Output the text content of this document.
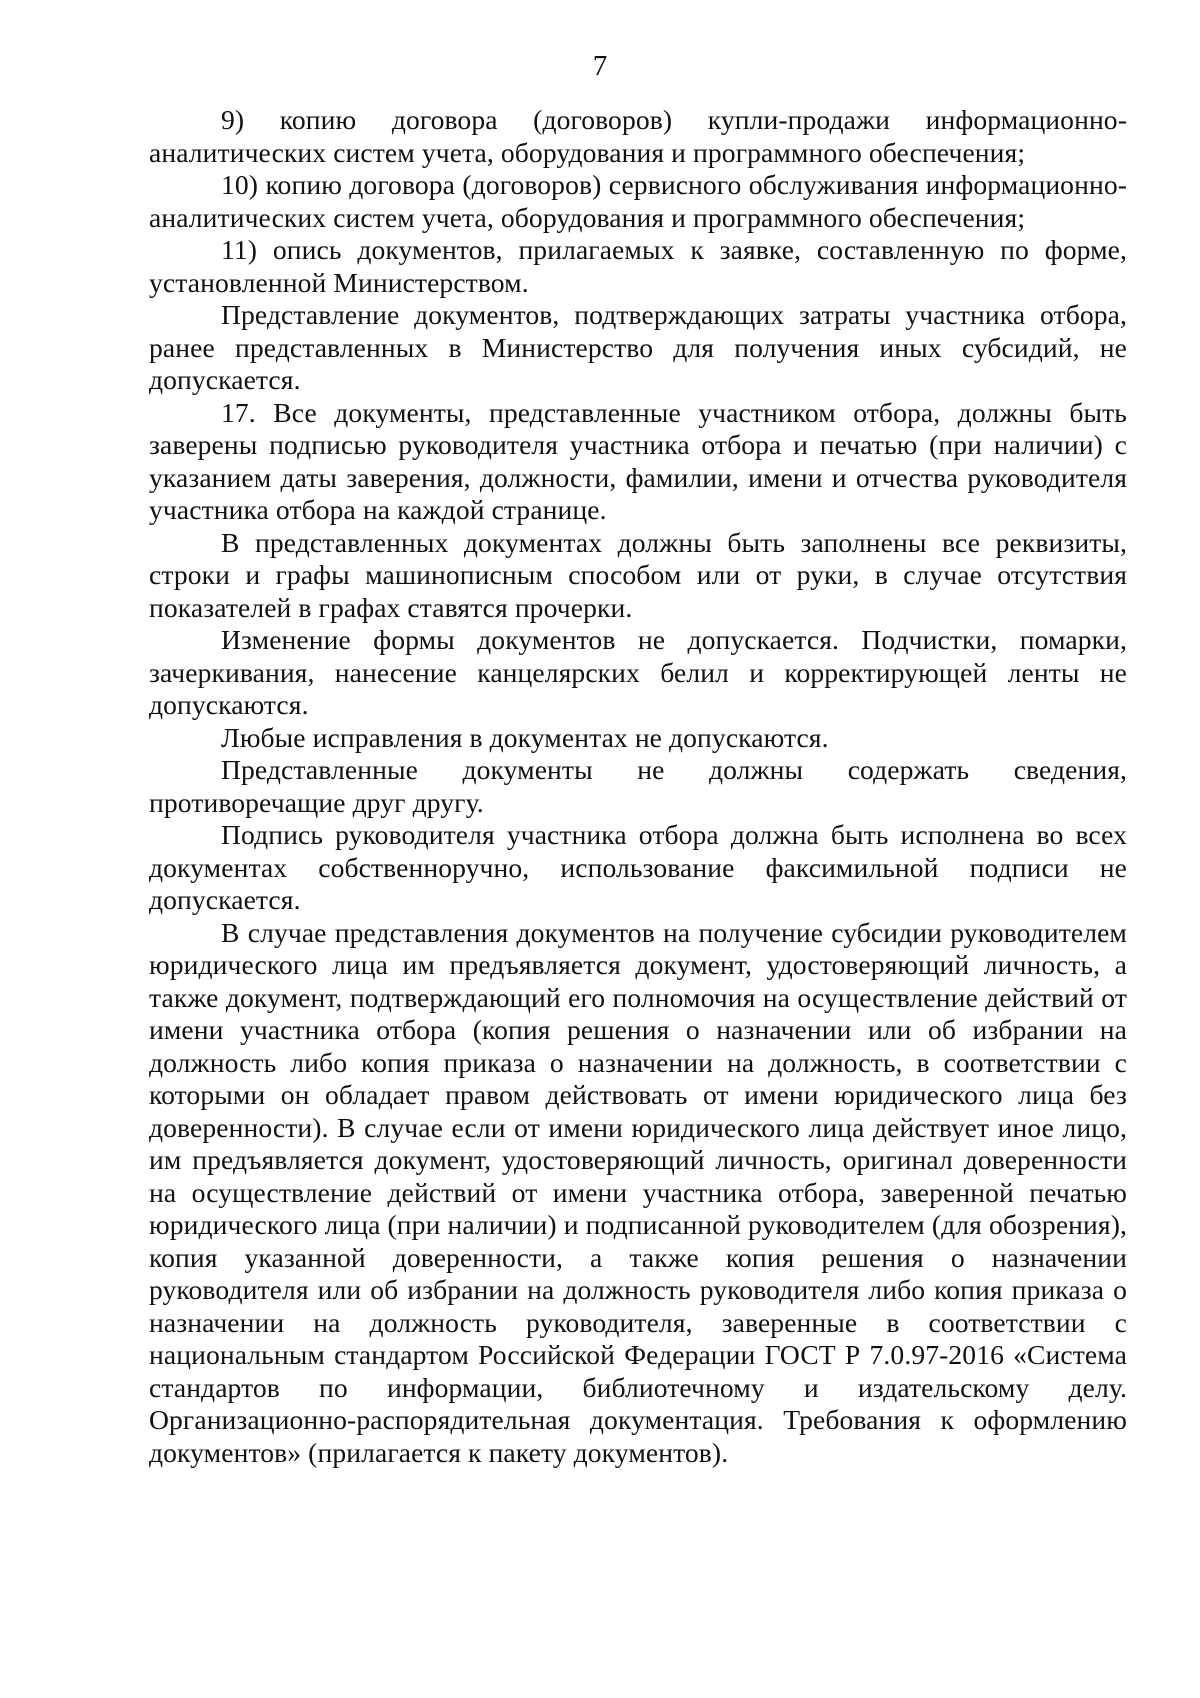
7

9) копию договора (договоров) купли-продажи информационно-аналитических систем учета, оборудования и программного обеспечения;

10) копию договора (договоров) сервисного обслуживания информационно-аналитических систем учета, оборудования и программного обеспечения;

11) опись документов, прилагаемых к заявке, составленную по форме, установленной Министерством.

Представление документов, подтверждающих затраты участника отбора, ранее представленных в Министерство для получения иных субсидий, не допускается.

17. Все документы, представленные участником отбора, должны быть заверены подписью руководителя участника отбора и печатью (при наличии) с указанием даты заверения, должности, фамилии, имени и отчества руководителя участника отбора на каждой странице.

В представленных документах должны быть заполнены все реквизиты, строки и графы машинописным способом или от руки, в случае отсутствия показателей в графах ставятся прочерки.

Изменение формы документов не допускается. Подчистки, помарки, зачеркивания, нанесение канцелярских белил и корректирующей ленты не допускаются.

Любые исправления в документах не допускаются.

Представленные документы не должны содержать сведения, противоречащие друг другу.

Подпись руководителя участника отбора должна быть исполнена во всех документах собственноручно, использование факсимильной подписи не допускается.

В случае представления документов на получение субсидии руководителем юридического лица им предъявляется документ, удостоверяющий личность, а также документ, подтверждающий его полномочия на осуществление действий от имени участника отбора (копия решения о назначении или об избрании на должность либо копия приказа о назначении на должность, в соответствии с которыми он обладает правом действовать от имени юридического лица без доверенности). В случае если от имени юридического лица действует иное лицо, им предъявляется документ, удостоверяющий личность, оригинал доверенности на осуществление действий от имени участника отбора, заверенной печатью юридического лица (при наличии) и подписанной руководителем (для обозрения), копия указанной доверенности, а также копия решения о назначении руководителя или об избрании на должность руководителя либо копия приказа о назначении на должность руководителя, заверенные в соответствии с национальным стандартом Российской Федерации ГОСТ Р 7.0.97-2016 «Система стандартов по информации, библиотечному и издательскому делу. Организационно-распорядительная документация. Требования к оформлению документов» (прилагается к пакету документов).
